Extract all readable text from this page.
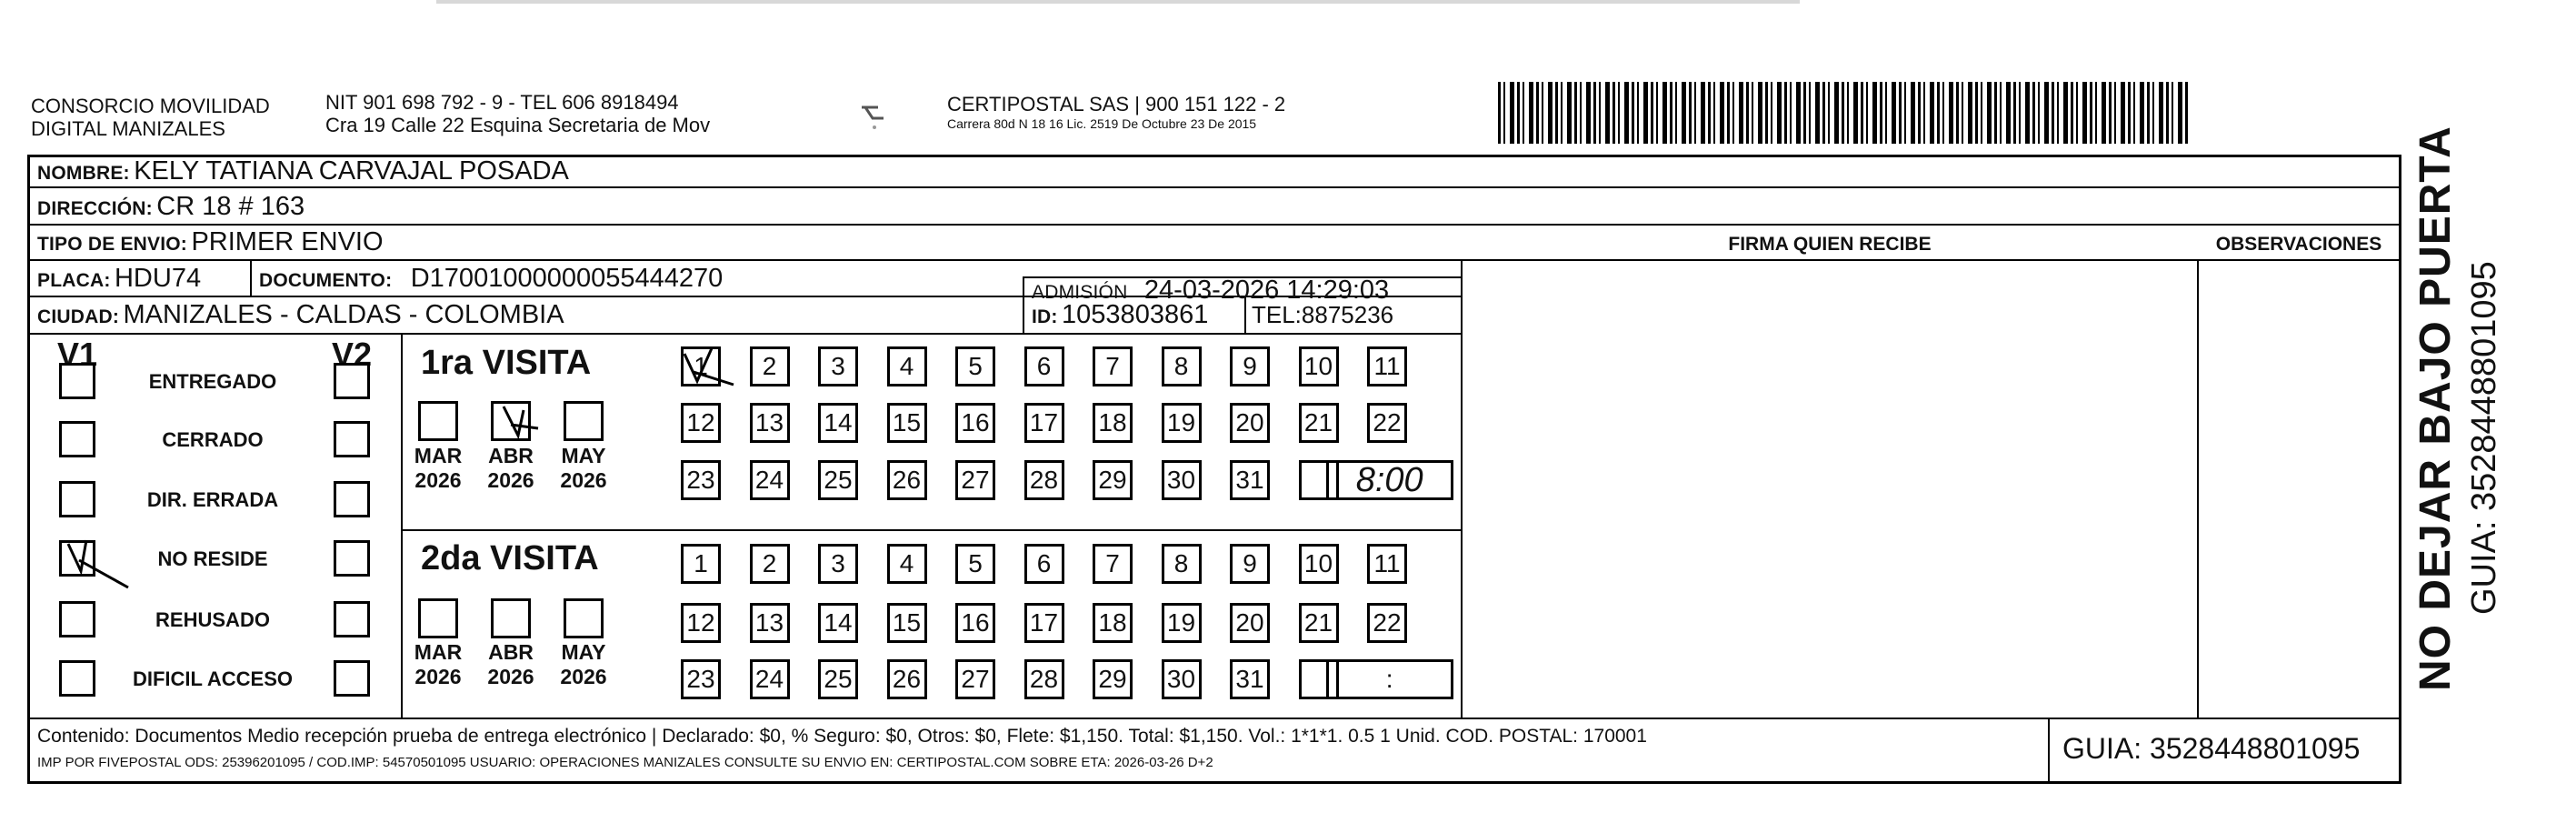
CONSORCIO MOVILIDAD
DIGITAL MANIZALES
NIT 901 698 792 - 9 - TEL 606 8918494
Cra 19 Calle 22 Esquina Secretaria de Mov
CERTIPOSTAL SAS | 900 151 122 - 2
Carrera 80d N 18 16 Lic. 2519 De Octubre 23 De 2015
NOMBRE: KELY TATIANA CARVAJAL POSADA
DIRECCIÓN: CR 18 # 163
TIPO DE ENVIO: PRIMER ENVIO	FIRMA QUIEN RECIBE	OBSERVACIONES
PLACA: HDU74	DOCUMENTO: D17001000000055444270	ADMISIÓN 24-03-2026 14:29:03
CIUDAD: MANIZALES - CALDAS - COLOMBIA	ID: 1053803861 TEL:8875236
V1	V2 1ra VISITA
2da VISITA
Contenido: Documentos Medio recepción prueba de entrega electrónico | Declarado: $0, % Seguro: $0, Otros: $0, Flete: $1,150. Total: $1,150. Vol.: 1*1*1. 0.5 1 Unid. COD. POSTAL: 170001
IMP POR FIVEPOSTAL ODS: 25396201095 / COD.IMP: 54570501095 USUARIO: OPERACIONES MANIZALES CONSULTE SU ENVIO EN: CERTIPOSTAL.COM SOBRE ETA: 2026-03-26 D+2	GUIA: 3528448801095
ENTREGADO
CERRADO
DIR. ERRADA
NO RESIDE
REHUSADO
DIFICIL ACCESO
MAR
2026
ABR
2026
MAY
2026
MAR
2026
ABR
2026
MAY
2026
1	2	3	4	5	6	7	8	9	10 11
12 13 14 15 16 17 18 19 20 21 22
23 24 25 26 27 28 29 30 31	8:00
1	2	3	4	5	6	7	8	9	10 11
12 13 14 15 16 17 18 19 20 21 22
23 24 25 26 27 28 29 30 31	:	NO DEJAR BAJO PUERTA GUIA: 3528448801095
